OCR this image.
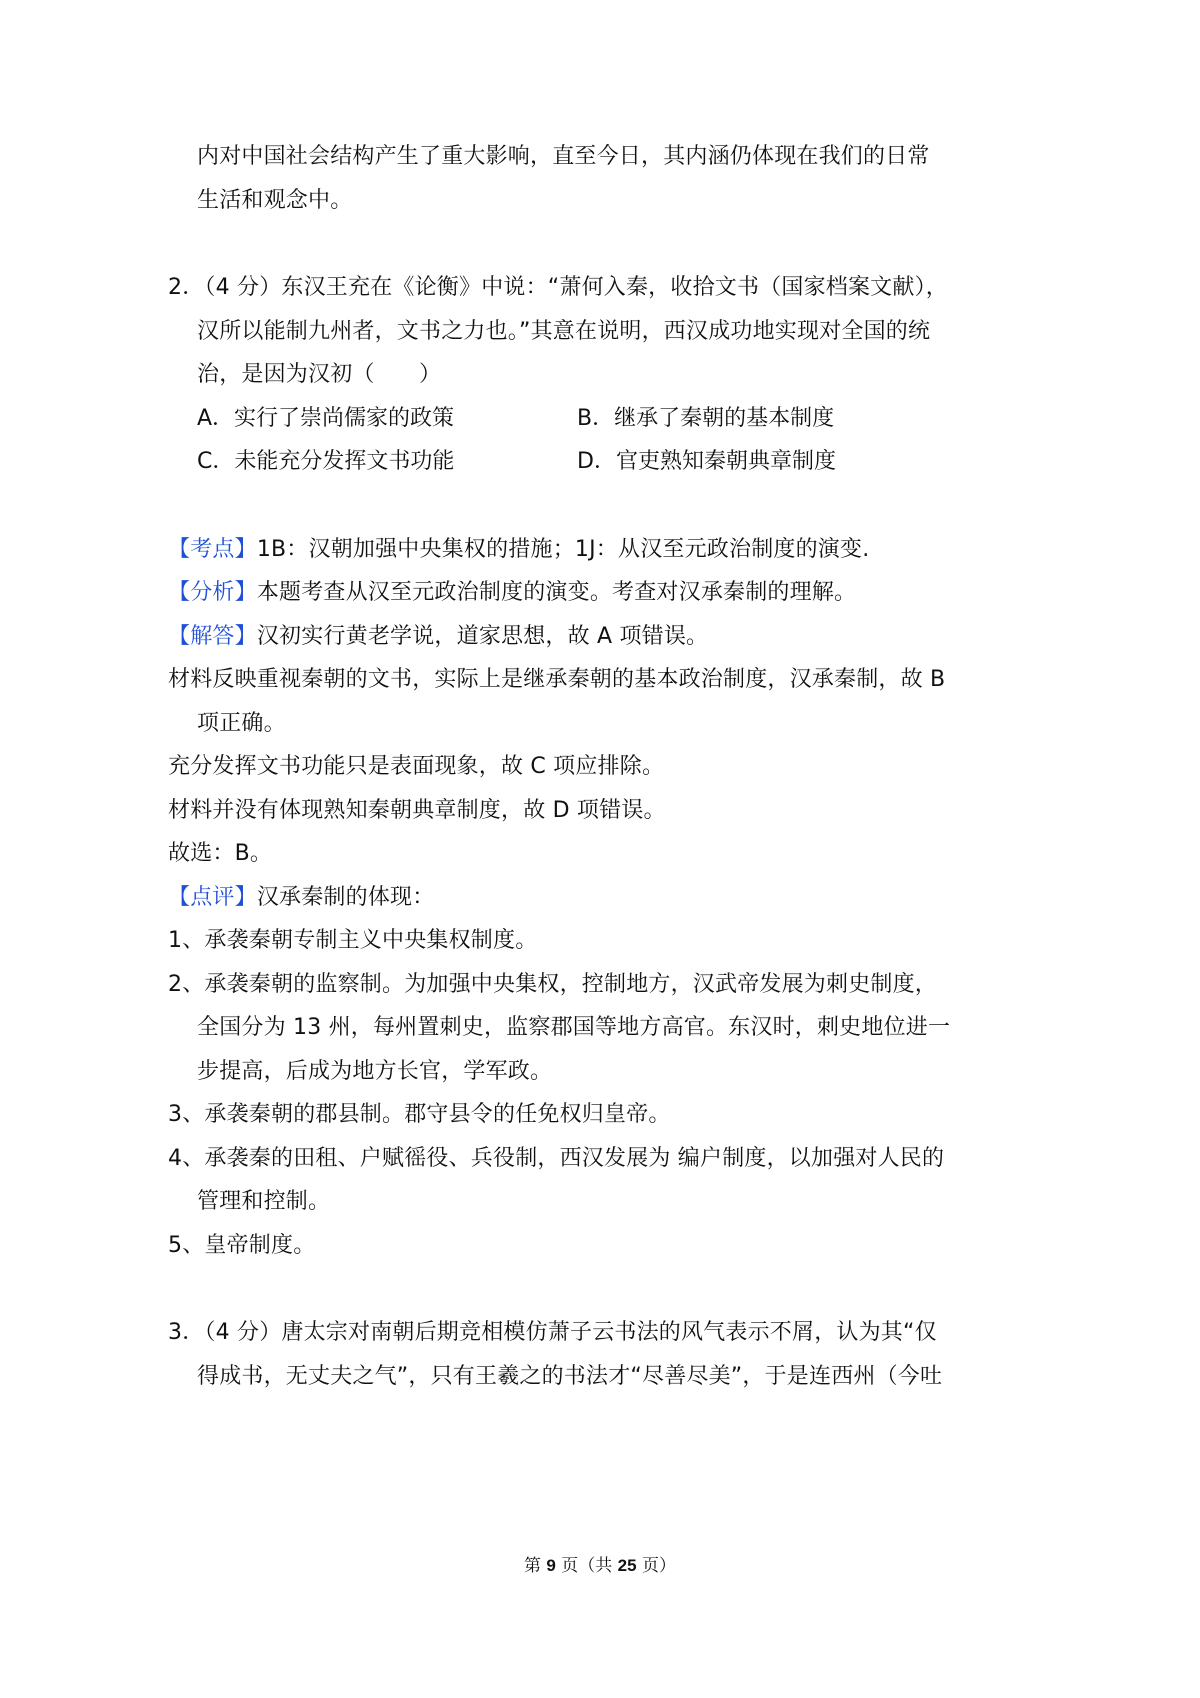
内对中国社会结构产生了重大影响，直至今日，其内涵仍体现在我们的日常
生活和观念中。
2．（4 分）东汉王充在《论衡》中说：“萧何入秦，收拾文书（国家档案文献），
汉所以能制九州者，文书之力也。”其意在说明，西汉成功地实现对全国的统
治，是因为汉初（　　）
A．实行了崇尚儒家的政策	B．继承了秦朝的基本制度
C．未能充分发挥文书功能	D．官吏熟知秦朝典章制度
【考点】1B：汉朝加强中央集权的措施；1J：从汉至元政治制度的演变.
【分析】本题考查从汉至元政治制度的演变。考查对汉承秦制的理解。
【解答】汉初实行黄老学说，道家思想，故 A 项错误。
材料反映重视秦朝的文书，实际上是继承秦朝的基本政治制度，汉承秦制，故 B
项正确。
充分发挥文书功能只是表面现象，故 C 项应排除。
材料并没有体现熟知秦朝典章制度，故 D 项错误。
故选：B。
【点评】汉承秦制的体现：
1、承袭秦朝专制主义中央集权制度。
2、承袭秦朝的监察制。为加强中央集权，控制地方，汉武帝发展为刺史制度，
全国分为 13 州，每州置刺史，监察郡国等地方高官。东汉时，刺史地位进一
步提高，后成为地方长官，学军政。
3、承袭秦朝的郡县制。郡守县令的任免权归皇帝。
4、承袭秦的田租、户赋徭役、兵役制，西汉发展为 编户制度，以加强对人民的
管理和控制。
5、皇帝制度。
3．（4 分）唐太宗对南朝后期竞相模仿萧子云书法的风气表示不屑，认为其“仅
得成书，无丈夫之气”，只有王羲之的书法才“尽善尽美”，于是连西州（今吐
第 9 页（共 25 页）
